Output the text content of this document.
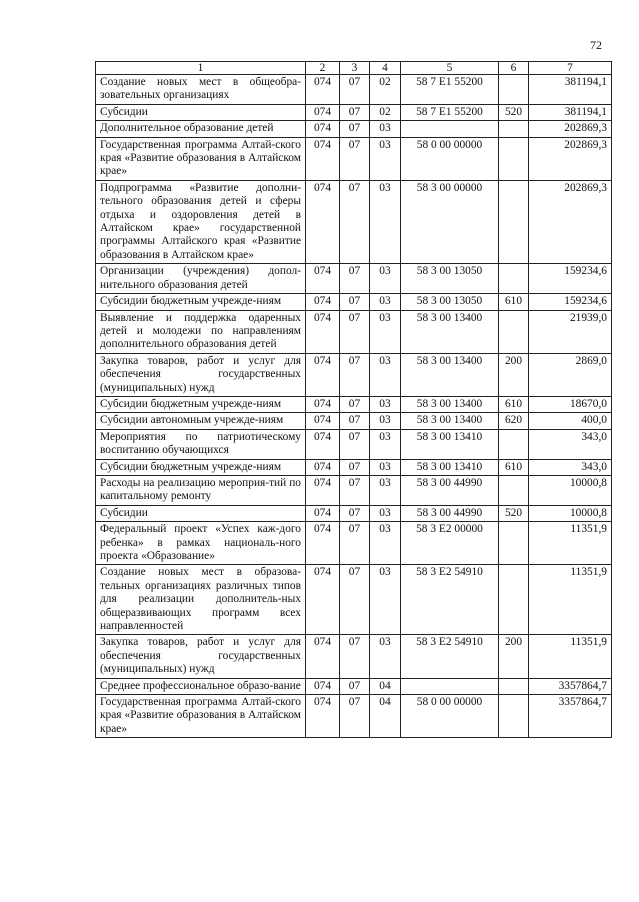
72
1	2	3	4	5	6	7
Создание новых мест в общеобра-зовательных организациях	074	07	02	58 7 E1 55200		381194,1
Субсидии	074	07	02	58 7 E1 55200	520	381194,1
Дополнительное образование детей	074	07	03			202869,3
Государственная программа Алтай-ского края «Развитие образования в Алтайском крае»	074	07	03	58 0 00 00000		202869,3
Подпрограмма «Развитие дополни-тельного образования детей и сферы отдыха и оздоровления детей в Алтайском крае» государственной программы Алтайского края «Развитие образования в Алтайском крае»	074	07	03	58 3 00 00000		202869,3
Организации (учреждения) допол-нительного образования детей	074	07	03	58 3 00 13050		159234,6
Субсидии бюджетным учрежде-ниям	074	07	03	58 3 00 13050	610	159234,6
Выявление и поддержка одаренных детей и молодежи по направлениям дополнительного образования детей	074	07	03	58 3 00 13400		21939,0
Закупка товаров, работ и услуг для обеспечения государственных (муниципальных) нужд	074	07	03	58 3 00 13400	200	2869,0
Субсидии бюджетным учрежде-ниям	074	07	03	58 3 00 13400	610	18670,0
Субсидии автономным учрежде-ниям	074	07	03	58 3 00 13400	620	400,0
Мероприятия по патриотическому воспитанию обучающихся	074	07	03	58 3 00 13410		343,0
Субсидии бюджетным учрежде-ниям	074	07	03	58 3 00 13410	610	343,0
Расходы на реализацию мероприя-тий по капитальному ремонту	074	07	03	58 3 00 44990		10000,8
Субсидии	074	07	03	58 3 00 44990	520	10000,8
Федеральный проект «Успех каж-дого ребенка» в рамках националь-ного проекта «Образование»	074	07	03	58 3 E2 00000		11351,9
Создание новых мест в образова-тельных организациях различных типов для реализации дополнитель-ных общеразвивающих программ всех направленностей	074	07	03	58 3 E2 54910		11351,9
Закупка товаров, работ и услуг для обеспечения государственных (муниципальных) нужд	074	07	03	58 3 E2 54910	200	11351,9
Среднее профессиональное образо-вание	074	07	04			3357864,7
Государственная программа Алтай-ского края «Развитие образования в Алтайском крае»	074	07	04	58 0 00 00000		3357864,7
